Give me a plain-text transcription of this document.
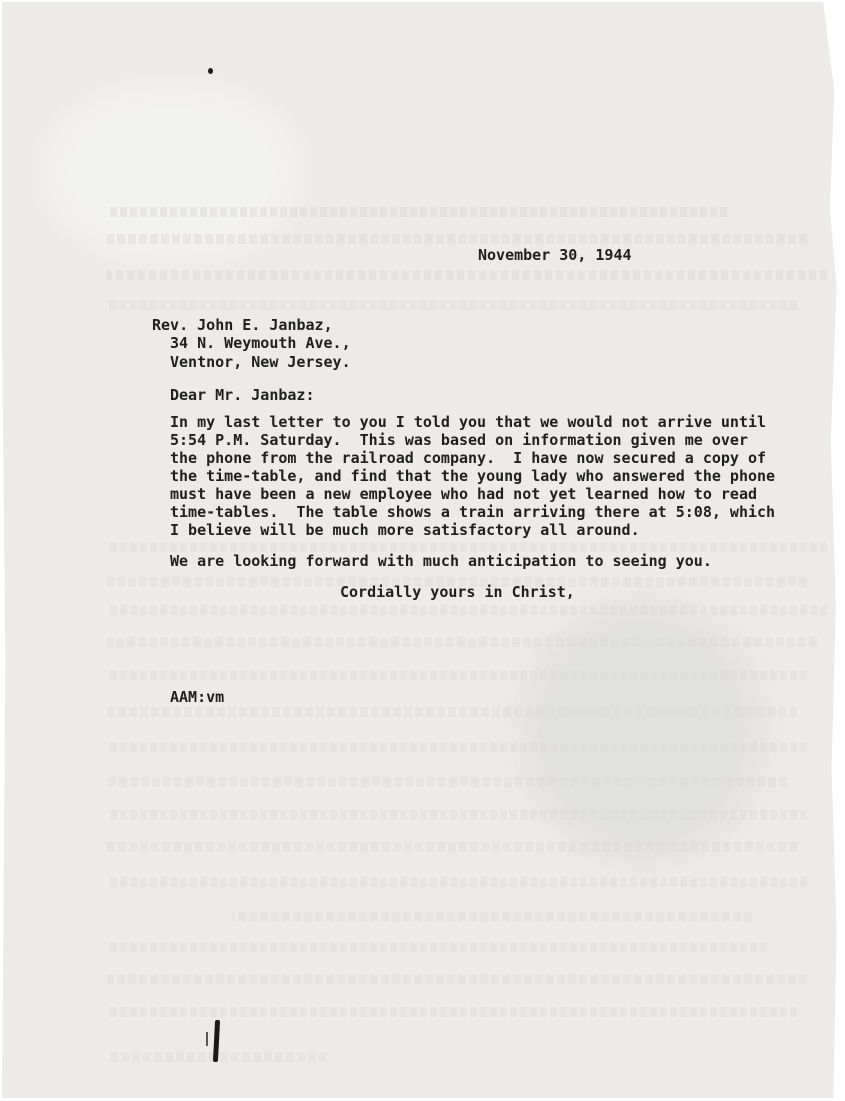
November 30, 1944

Rev. John E. Janbaz,

34 N. Weymouth Ave.,

Ventnor, New Jersey.

Dear Mr. Janbaz:

In my last letter to you I told you that we would not arrive until

5:54 P.M. Saturday.  This was based on information given me over

the phone from the railroad company.  I have now secured a copy of

the time-table, and find that the young lady who answered the phone

must have been a new employee who had not yet learned how to read

time-tables.  The table shows a train arriving there at 5:08, which

I believe will be much more satisfactory all around.

We are looking forward with much anticipation to seeing you.

Cordially yours in Christ,

AAM:vm
